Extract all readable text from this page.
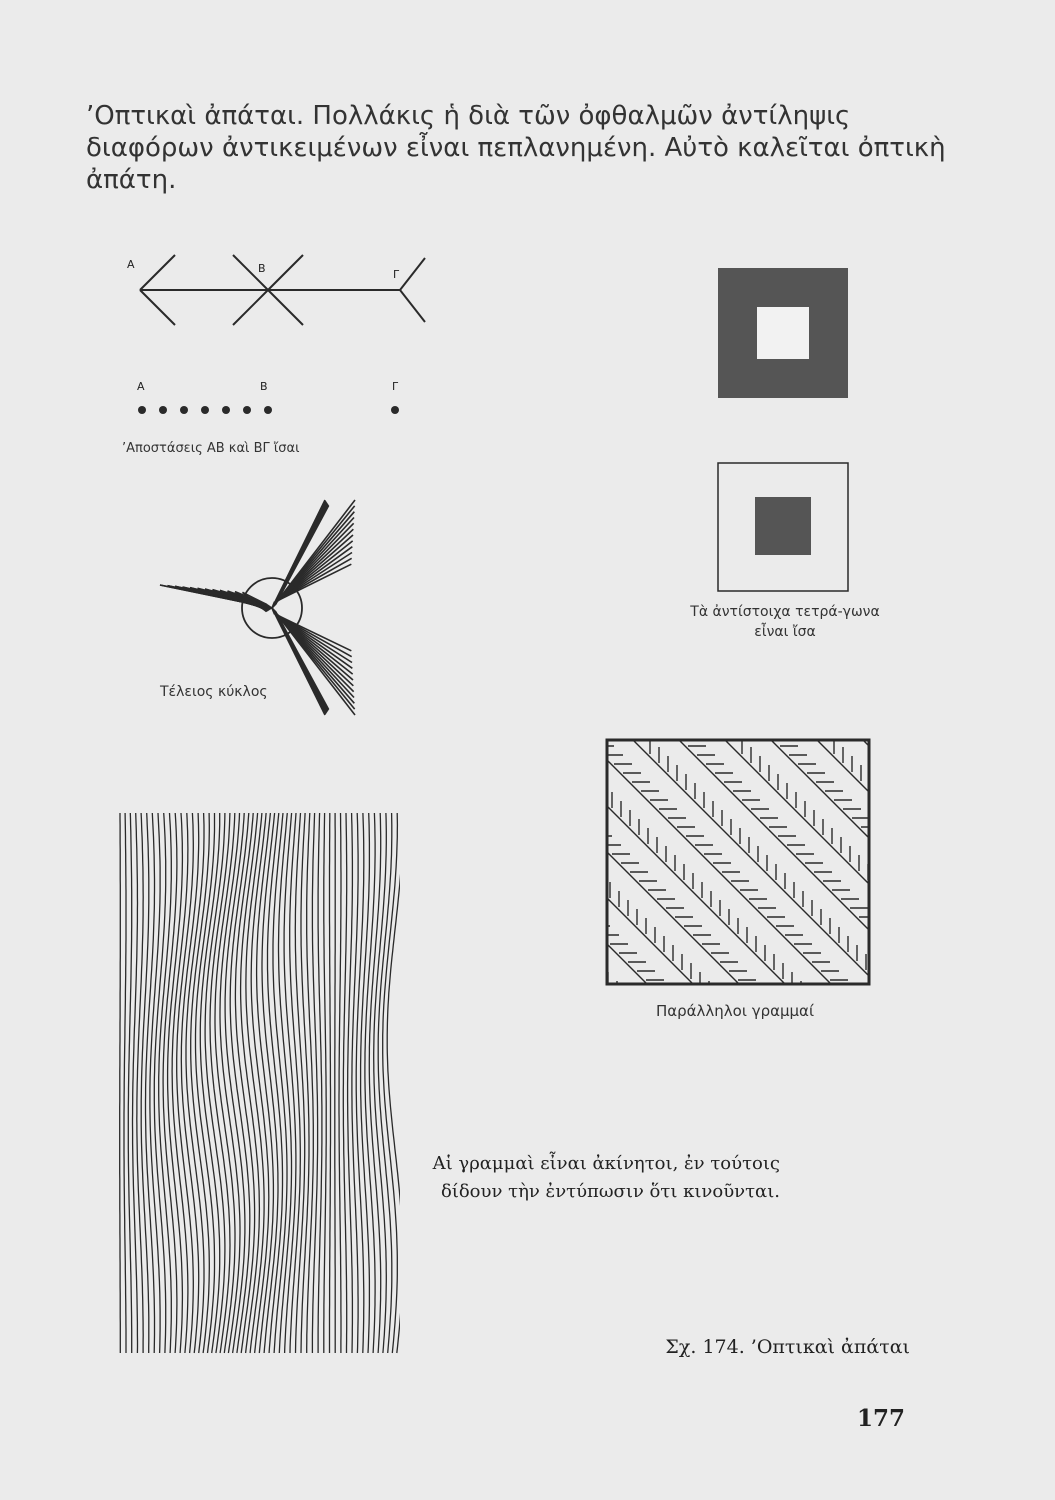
’Οπτικαὶ ἀπάται. Πολλάκις ἡ διὰ τῶν ὀφθαλμῶν ἀντίληψις διαφόρων ἀντικειμένων εἶναι πεπλανημένη. Αὐτὸ καλεῖται ὀπτικὴ ἀπάτη.
Α	Β	Γ
Α	Β	Γ
’Αποστάσεις ΑΒ καὶ ΒΓ ἴσαι
Τέλειος κύκλος
Τὰ ἀντίστοιχα τετρά-γωνα εἶναι ἴσα
Παράλληλοι γραμμαί
Αἱ γραμμαὶ εἶναι ἀκίνητοι, ἐν τούτοις δίδουν τὴν ἐντύπωσιν ὅτι κινοῦνται.
Σχ. 174. ’Οπτικαὶ ἀπάται
177
